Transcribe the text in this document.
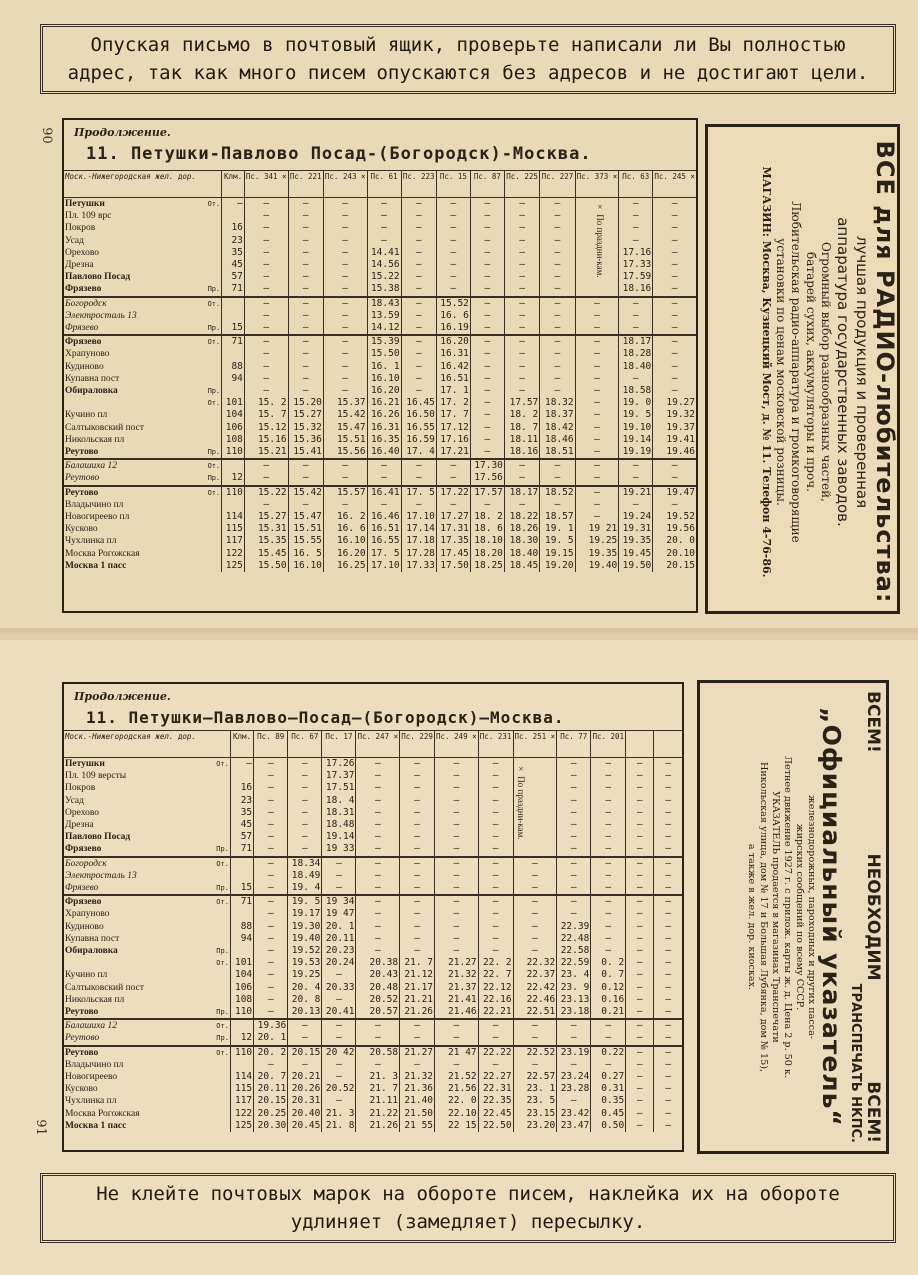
Опуская письмо в почтовый ящик, проверьте написали ли Вы полностью адрес, так как много писем опускаются без адресов и не достигают цели.
90 Продолжение.
11. Петушки-Павлово Посад-(Богородск)-Москва.
Моск.-Нижегородская жел. дор.		Клм.	Пс. 341 ×	Пс. 221	Пс. 243 ×	Пс. 61	Пс. 223	Пс. 15	Пс. 87	Пс. 225	Пс. 227	Пс. 373 ×	Пс. 63	Пс. 245 ×
Петушки	От.	—	—	—	—	—	—	—	—	—	—		—	—
Пл. 109 врс			—	—	—	—	—	—	—	—	—		—	—
Покров		16	—	—	—	—	—	—	—	—	—		—	—
Усад		23	—	—	—	—	—	—	—	—	—		—	—
Орехово		35	—	—	—	14.41	—	—	—	—	—		17.16	—
Дрезна		45	—	—	—	14.56	—	—	—	—	—		17.33	—
Павлово Посад		57	—	—	—	15.22	—	—	—	—	—		17.59	—
Фрязево	Пр.	71	—	—	—	15.38	—	—	—	—	—		18.16	—
Богородск	От.		—	—	—	18.43	—	15.52	—	—	—	—	—	—
Электросталь 13			—	—	—	13.59	—	16. 6	—	—	—	—	—	—
Фрязево	Пр.	15	—	—	—	14.12	—	16.19	—	—	—	—	—	—
Фрязево	От.	71	—	—	—	15.39	—	16.20	—	—	—	—	18.17	—
Храпуново			—	—	—	15.50	—	16.31	—	—	—	—	18.28	—
Кудиново		88	—	—	—	16. 1	—	16.42	—	—	—	—	18.40	—
Купавна пост		94	—	—	—	16.10	—	16.51	—	—	—	—	—	—
Обираловка	Пр.		—	—	—	16.20	—	17. 1	—	—	—	—	18.58	—
	От.	101	15. 2	15.20	15.37	16.21	16.45	17. 2	—	17.57	18.32	—	19. 0	19.27
Кучино пл		104	15. 7	15.27	15.42	16.26	16.50	17. 7	—	18. 2	18.37	—	19. 5	19.32
Салтыковский пост		106	15.12	15.32	15.47	16.31	16.55	17.12	—	18. 7	18.42	—	19.10	19.37
Никольская пл		108	15.16	15.36	15.51	16.35	16.59	17.16	—	18.11	18.46	—	19.14	19.41
Реутово	Пр.	110	15.21	15.41	15.56	16.40	17. 4	17.21	—	18.16	18.51	—	19.19	19.46
Балашиха 12	От.		—	—	—	—	—	—	17.30	—	—	—	—	—
Реутово	Пр.	12	—	—	—	—	—	—	17.56	—	—	—	—	—
Реутово	От.	110	15.22	15.42	15.57	16.41	17. 5	17.22	17.57	18.17	18.52	—	19.21	19.47
Владычино пл			—	—	—	—	—	—	—	—	—	—	—	—
Новогиреево пл		114	15.27	15.47	16. 2	16.46	17.10	17.27	18. 2	18.22	18.57	—	19.24	19.52
Кусково		115	15.31	15.51	16. 6	16.51	17.14	17.31	18. 6	18.26	19. 1	19 21	19.31	19.56
Чухлинка пл		117	15.35	15.55	16.10	16.55	17.18	17.35	18.10	18.30	19. 5	19.25	19.35	20. 0
Москва Рогожская		122	15.45	16. 5	16.20	17. 5	17.28	17.45	18.20	18.40	19.15	19.35	19.45	20.10
Москва 1 пасс		125	15.50	16.10	16.25	17.10	17.33	17.50	18.25	18.45	19.20	19.40	19.50	20.15
× По праздни-кам.	ВСЕ для РАДИО-любительства:
лучшая продукция и проверенная
аппаратура государственных заводов.
Огромный выбор разнообразных частей,
батарей сухих, аккумуляторы и проч.
Любительская радио-аппаратура и громкоговорящие
установки по ценам московской розницы.
МАГАЗИН: Москва, Кузнецкий Мост, д. № 11. Телефон 4-76-86.
Продолжение.
11. Петушки—Павлово—Посад—(Богородск)—Москва.
Моск.-Нижегородская жел. дор.		Клм.	Пс. 89	Пс. 67	Пс. 17	Пс. 247 ×	Пс. 229	Пс. 249 ×	Пс. 231	Пс. 251 ×	Пс. 77	Пс. 201		
Петушки	От.	—	—	—	17.26	—	—	—	—		—	—	—	—
Пл. 109 версты			—	—	17.37	—	—	—	—		—	—	—	—
Покров		16	—	—	17.51	—	—	—	—		—	—	—	—
Усад		23	—	—	18. 4	—	—	—	—		—	—	—	—
Орехово		35	—	—	18.31	—	—	—	—		—	—	—	—
Дрезна		45	—	—	18.48	—	—	—	—		—	—	—	—
Павлово Посад		57	—	—	19.14	—	—	—	—		—	—	—	—
Фрязево	Пр.	71	—	—	19 33	—	—	—	—		—	—	—	—
Богородск	От.		—	18.34	—	—	—	—	—	—	—	—	—	—
Электросталь 13			—	18.49	—	—	—	—	—	—	—	—	—	—
Фрязево	Пр.	15	—	19. 4	—	—	—	—	—	—	—	—	—	—
Фрязево	От.	71	—	19. 5	19 34	—	—	—	—	—	—	—	—	—
Храпуново			—	19.17	19 47	—	—	—	—	—	—	—	—	—
Кудиново		88	—	19.30	20. 1	—	—	—	—	—	22.39	—	—	—
Купавна пост		94	—	19.40	20.11	—	—	—	—	—	22.48	—	—	—
Обираловка	Пр.		—	19.52	20.23	—	—	—	—	—	22.58	—	—	—
	От.	101	—	19.53	20.24	20.38	21. 7	21.27	22. 2	22.32	22.59	0. 2	—	—
Кучино пл		104	—	19.25	—	20.43	21.12	21.32	22. 7	22.37	23. 4	0. 7	—	—
Салтыковский пост		106	—	20. 4	20.33	20.48	21.17	21.37	22.12	22.42	23. 9	0.12	—	—
Никольская пл		108	—	20. 8	—	20.52	21.21	21.41	22.16	22.46	23.13	0.16	—	—
Реутово	Пр.	110	—	20.13	20.41	20.57	21.26	21.46	22.21	22.51	23.18	0.21	—	—
Балашиха 12	От.		19.36	—	—	—	—	—	—	—	—	—	—	—
Реутово	Пр.	12	20. 1	—	—	—	—	—	—	—	—	—	—	—
Реутово	От.	110	20. 2	20.15	20 42	20.58	21.27	21 47	22.22	22.52	23.19	0.22	—	—
Владычино пл			—	—	—	—	—	—	—	—	—	—	—	—
Новогиреево		114	20. 7	20.21	—	21. 3	21.32	21.52	22.27	22.57	23.24	0.27	—	—
Кусково		115	20.11	20.26	20.52	21. 7	21.36	21.56	22.31	23. 1	23.28	0.31	—	—
Чухлинка пл		117	20.15	20.31	—	21.11	21.40	22. 0	22.35	23. 5	—	0.35	—	—
Москва Рогожская		122	20.25	20.40	21. 3	21.22	21.50	22.10	22.45	23.15	23.42	0.45	—	—
Москва 1 пасс		125	20.30	20.45	21. 8	21.26	21 55	22 15	22.50	23.20	23.47	0.50	—	—
× По праздни-кам.
ВСЕМ!
НЕОБХОДИМ
ВСЕМ!
ТРАНСПЕЧАТЬ НКПС.
„Официальный указатель“
железнодорожных, пароходных и других пасса-
жирских сообщений по всему СССР.
Летнее движение 1927 г. с прилож. карты ж. д. Цена 2 р. 50 к.
УКАЗАТЕЛЬ продается в магазинах Транспечати
Никольская улица, дом № 17 и Большая Лубянка, дом № 15),
а также в жел. дор. киосках.
91
Не клейте почтовых марок на обороте писем, наклейка их на обороте удлиняет (замедляет) пересылку.
